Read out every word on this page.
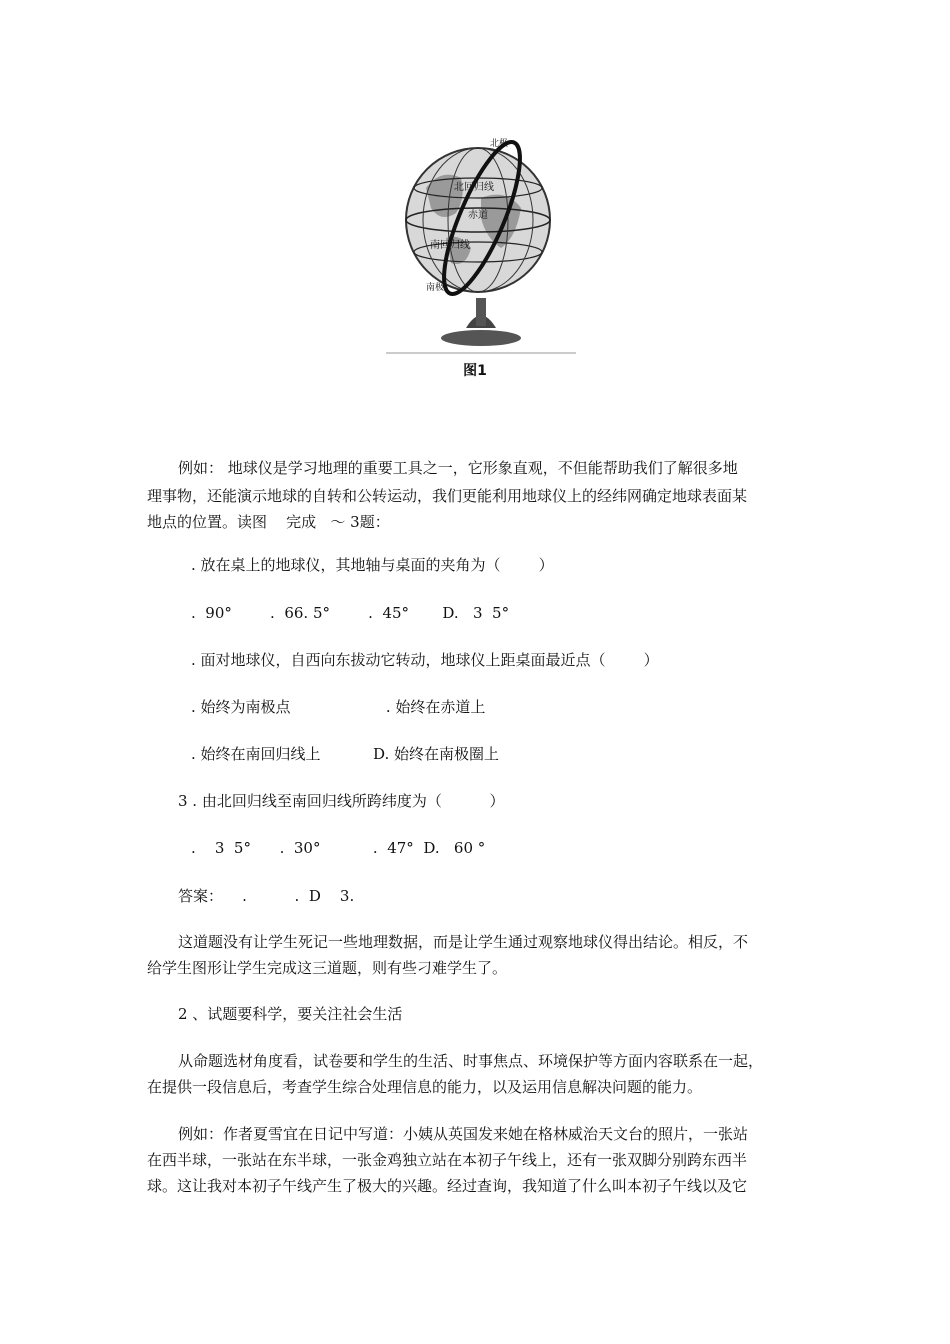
北极
北回归线
赤道
南回归线
南极
图1
例如： 地球仪是学习地理的重要工具之一，它形象直观，不但能帮助我们了解很多地
理事物，还能演示地球的自转和公转运动，我们更能利用地球仪上的经纬网确定地球表面某
地点的位置。读图    完成   ～ 3题：
. 放在桌上的地球仪，其地轴与桌面的夹角为（        ）
.  90°        .  66. 5°        .  45°       D.   3  5°
. 面对地球仪，自西向东拔动它转动，地球仪上距桌面最近点（        ）
. 始终为南极点                    . 始终在赤道上
. 始终在南回归线上           D. 始终在南极圈上
3 . 由北回归线至南回归线所跨纬度为（          ）
.    3  5°      .  30°           .  47°  D.   60 °
答案：    .          .  D    3.
这道题没有让学生死记一些地理数据，而是让学生通过观察地球仪得出结论。相反，不
给学生图形让学生完成这三道题，则有些刁难学生了。
2 、试题要科学，要关注社会生活
从命题选材角度看，试卷要和学生的生活、时事焦点、环境保护等方面内容联系在一起，
在提供一段信息后，考查学生综合处理信息的能力，以及运用信息解决问题的能力。
例如：作者夏雪宜在日记中写道：小姨从英国发来她在格林威治天文台的照片，一张站
在西半球，一张站在东半球，一张金鸡独立站在本初子午线上，还有一张双脚分别跨东西半
球。这让我对本初子午线产生了极大的兴趣。经过查询，我知道了什么叫本初子午线以及它
